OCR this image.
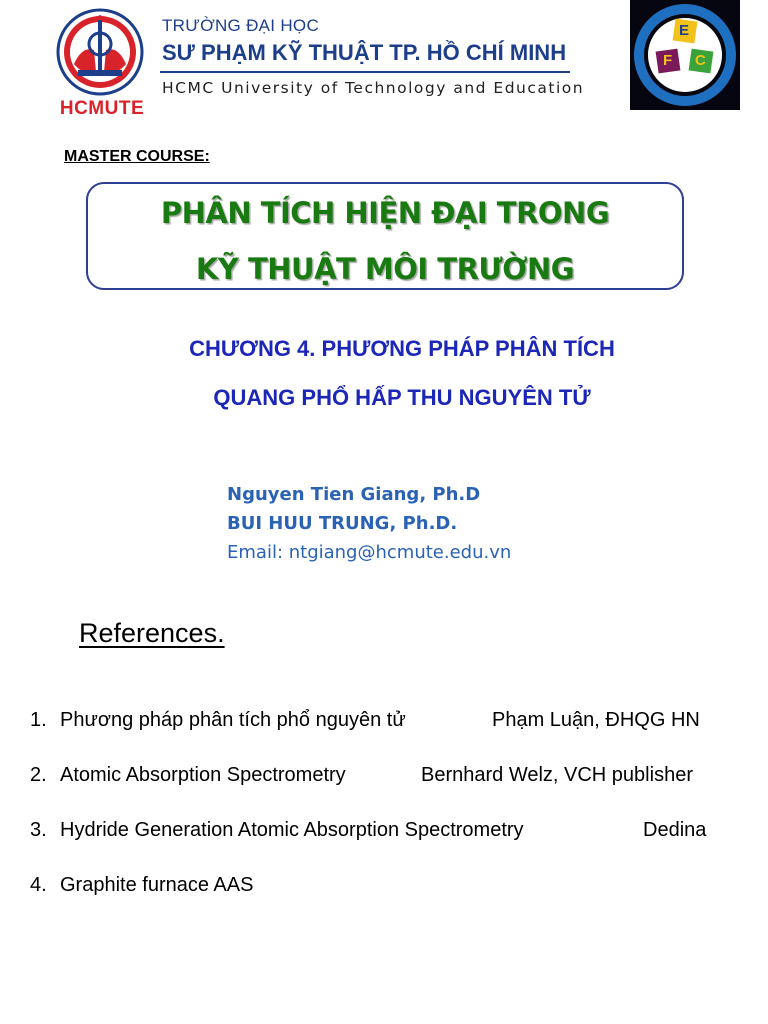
HCMUTE
TRƯỜNG ĐẠI HỌC
SƯ PHẠM KỸ THUẬT TP. HỒ CHÍ MINH
HCMC University of Technology and Education
E
F C
MASTER COURSE:
PHÂN TÍCH HIỆN ĐẠI TRONG
KỸ THUẬT MÔI TRƯỜNG
CHƯƠNG 4. PHƯƠNG PHÁP PHÂN TÍCH
QUANG PHỔ HẤP THU NGUYÊN TỬ
Nguyen Tien Giang, Ph.D
BUI HUU TRUNG, Ph.D.
Email: ntgiang@hcmute.edu.vn
References.
1. Phương pháp phân tích phổ nguyên tử	Phạm Luận, ĐHQG HN
2. Atomic Absorption Spectrometry	Bernhard Welz, VCH publisher
3. Hydride Generation Atomic Absorption Spectrometry	Dedina
4. Graphite furnace AAS
